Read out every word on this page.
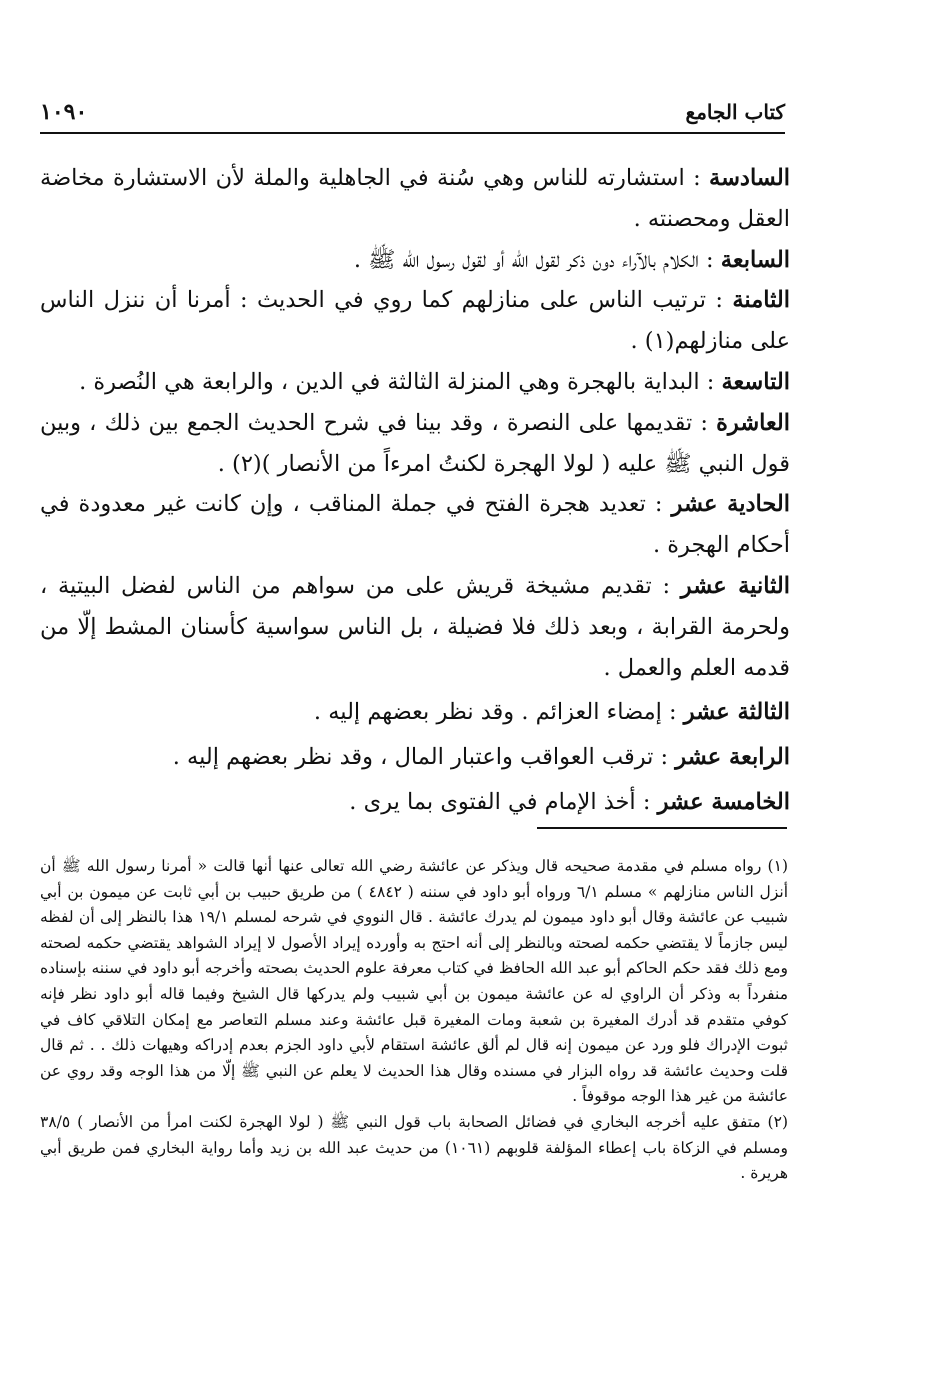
كتاب الجامع
١٠٩٠

السادسة : استشارته للناس وهي سُنة في الجاهلية والملة لأن الاستشارة مخاضة العقل ومحصنته .

السابعة : الكلام بالآراء دون ذكر لقول الله أو لقول رسول الله ﷺ .

الثامنة : ترتيب الناس على منازلهم كما روي في الحديث : أمرنا أن ننزل الناس على منازلهم(١) .

التاسعة : البداية بالهجرة وهي المنزلة الثالثة في الدين ، والرابعة هي النُصرة .

العاشرة : تقديمها على النصرة ، وقد بينا في شرح الحديث الجمع بين ذلك ، وبين قول النبي ﷺ عليه ( لولا الهجرة لكنتُ امرءاً من الأنصار )(٢) .

الحادية عشر : تعديد هجرة الفتح في جملة المناقب ، وإن كانت غير معدودة في أحكام الهجرة .

الثانية عشر : تقديم مشيخة قريش على من سواهم من الناس لفضل البيتية ، ولحرمة القرابة ، وبعد ذلك فلا فضيلة ، بل الناس سواسية كأسنان المشط إلّا من قدمه العلم والعمل .

الثالثة عشر : إمضاء العزائم . وقد نظر بعضهم إليه .

الرابعة عشر : ترقب العواقب واعتبار المال ، وقد نظر بعضهم إليه .

الخامسة عشر : أخذ الإمام في الفتوى بما يرى .

(١) رواه مسلم في مقدمة صحيحه قال ويذكر عن عائشة رضي الله تعالى عنها أنها قالت « أمرنا رسول الله ﷺ أن أنزل الناس منازلهم » مسلم ٦/١ ورواه أبو داود في سننه ( ٤٨٤٢ ) من طريق حبيب بن أبي ثابت عن ميمون بن أبي شبيب عن عائشة وقال أبو داود ميمون لم يدرك عائشة . قال النووي في شرحه لمسلم ١٩/١ هذا بالنظر إلى أن لفظه ليس جازماً لا يقتضي حكمه لصحته وبالنظر إلى أنه احتج به وأورده إيراد الأصول لا إيراد الشواهد يقتضي حكمه لصحته ومع ذلك فقد حكم الحاكم أبو عبد الله الحافظ في كتاب معرفة علوم الحديث بصحته وأخرجه أبو داود في سننه بإسناده منفرداً به وذكر أن الراوي له عن عائشة ميمون بن أبي شبيب ولم يدركها قال الشيخ وفيما قاله أبو داود نظر فإنه كوفي متقدم قد أدرك المغيرة بن شعبة ومات المغيرة قبل عائشة وعند مسلم التعاصر مع إمكان التلاقي كاف في ثبوت الإدراك فلو ورد عن ميمون إنه قال لم ألق عائشة استقام لأبي داود الجزم بعدم إدراكه وهيهات ذلك . . ثم قال قلت وحديث عائشة قد رواه البزار في مسنده وقال هذا الحديث لا يعلم عن النبي ﷺ إلّا من هذا الوجه وقد روي عن عائشة من غير هذا الوجه موقوفاً .

(٢) متفق عليه أخرجه البخاري في فضائل الصحابة باب قول النبي ﷺ ( لولا الهجرة لكنت امرأ من الأنصار ) ٣٨/٥ ومسلم في الزكاة باب إعطاء المؤلفة قلوبهم (١٠٦١) من حديث عبد الله بن زيد وأما رواية البخاري فمن طريق أبي هريرة .
